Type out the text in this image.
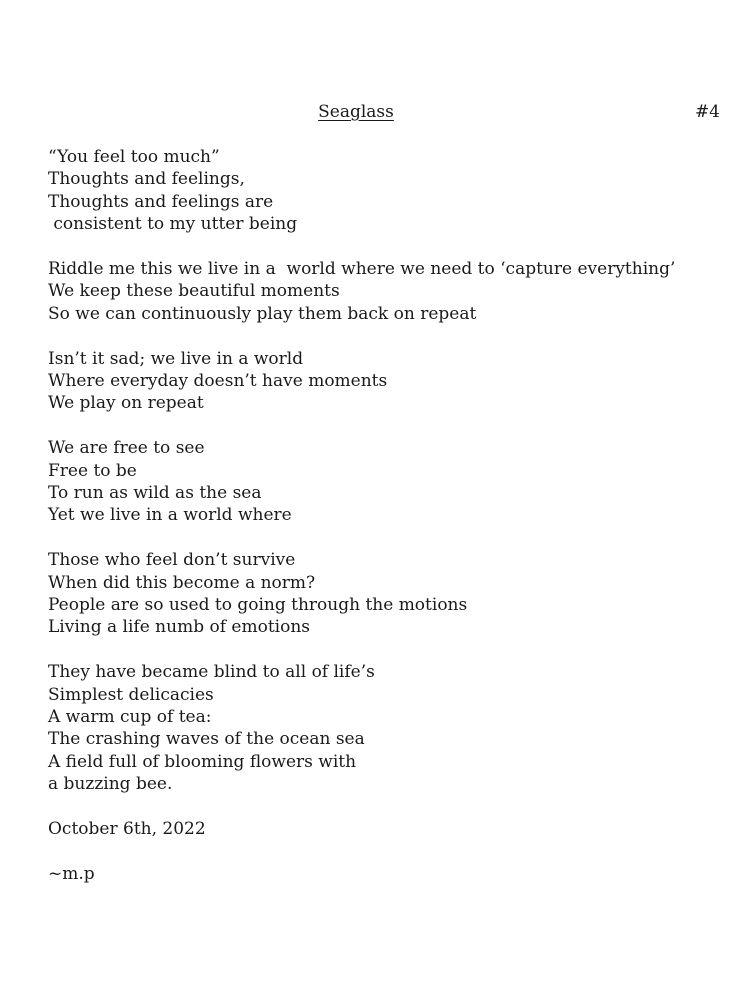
Seaglass	#4
“You feel too much”
Thoughts and feelings,
Thoughts and feelings are
consistent to my utter being
Riddle me this we live in a  world where we need to ‘capture everything’
We keep these beautiful moments
So we can continuously play them back on repeat
Isn’t it sad; we live in a world
Where everyday doesn’t have moments
We play on repeat
We are free to see
Free to be
To run as wild as the sea
Yet we live in a world where
Those who feel don’t survive
When did this become a norm?
People are so used to going through the motions
Living a life numb of emotions
They have became blind to all of life’s
Simplest delicacies
A warm cup of tea:
The crashing waves of the ocean sea
A field full of blooming flowers with
a buzzing bee.
October 6th, 2022
~m.p
